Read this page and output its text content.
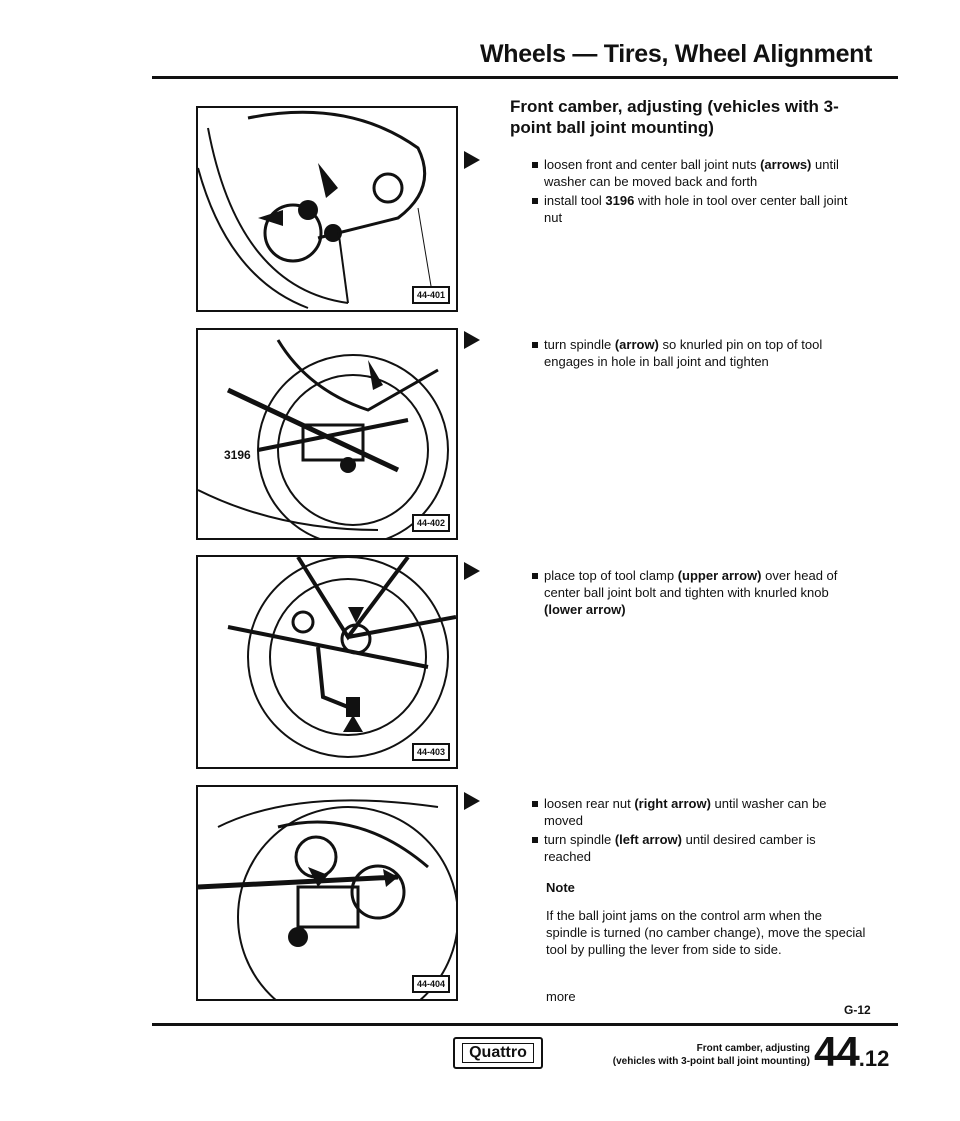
Wheels — Tires, Wheel Alignment
44-401
3196
44-402
44-403
44-404
Front camber, adjusting (vehicles with 3-point ball joint mounting)
loosen front and center ball joint nuts (arrows) until washer can be moved back and forth
install tool 3196 with hole in tool over center ball joint nut
turn spindle (arrow) so knurled pin on top of tool engages in hole in ball joint and tighten
place top of tool clamp (upper arrow) over head of center ball joint bolt and tighten with knurled knob (lower arrow)
loosen rear nut (right arrow) until washer can be moved
turn spindle (left arrow) until desired camber is reached
Note
If the ball joint jams on the control arm when the spindle is turned (no camber change), move the special tool by pulling the lever from side to side.
more
G-12
Quattro	Front camber, adjusting
(vehicles with 3-point ball joint mounting) 44.12
